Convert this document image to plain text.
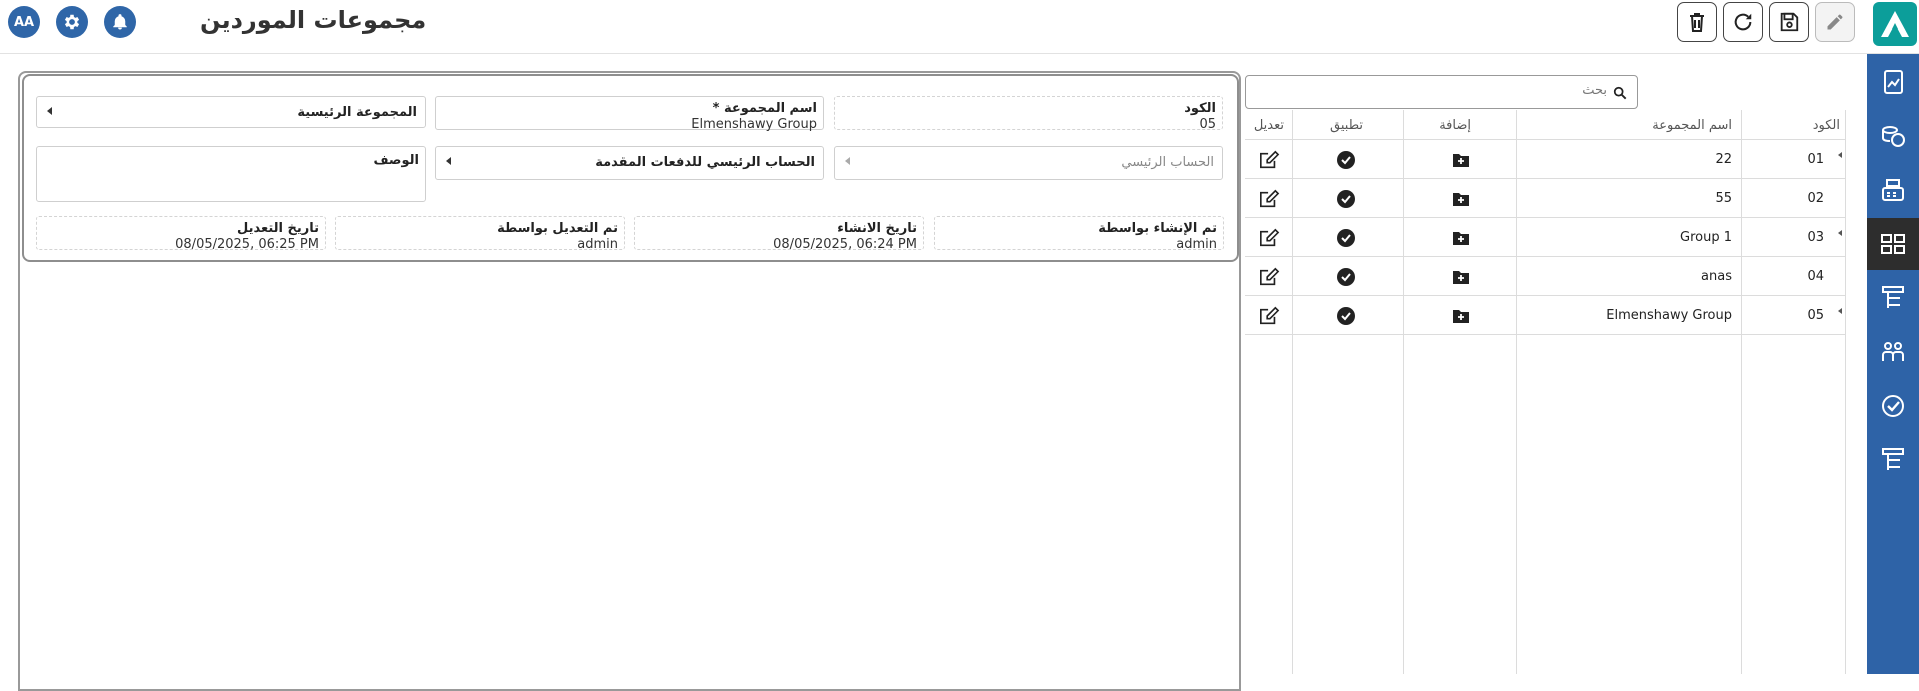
AA	مجموعات الموردين
الكود
05
اسم المجموعة *
Elmenshawy Group
المجموعة الرئيسية
الحساب الرئيسي
الحساب الرئيسي للدفعات المقدمة
الوصف
تم الإنشاء بواسطة
admin
تاريخ الانشاء
08/05/2025, 06:24 PM
تم التعديل بواسطة
admin
تاريخ التعديل
08/05/2025, 06:25 PM
بحث
الكود
اسم المجموعة
إضافة
تطبيق
تعديل
01
22
02
55
03
Group 1
04
anas
05
Elmenshawy Group
